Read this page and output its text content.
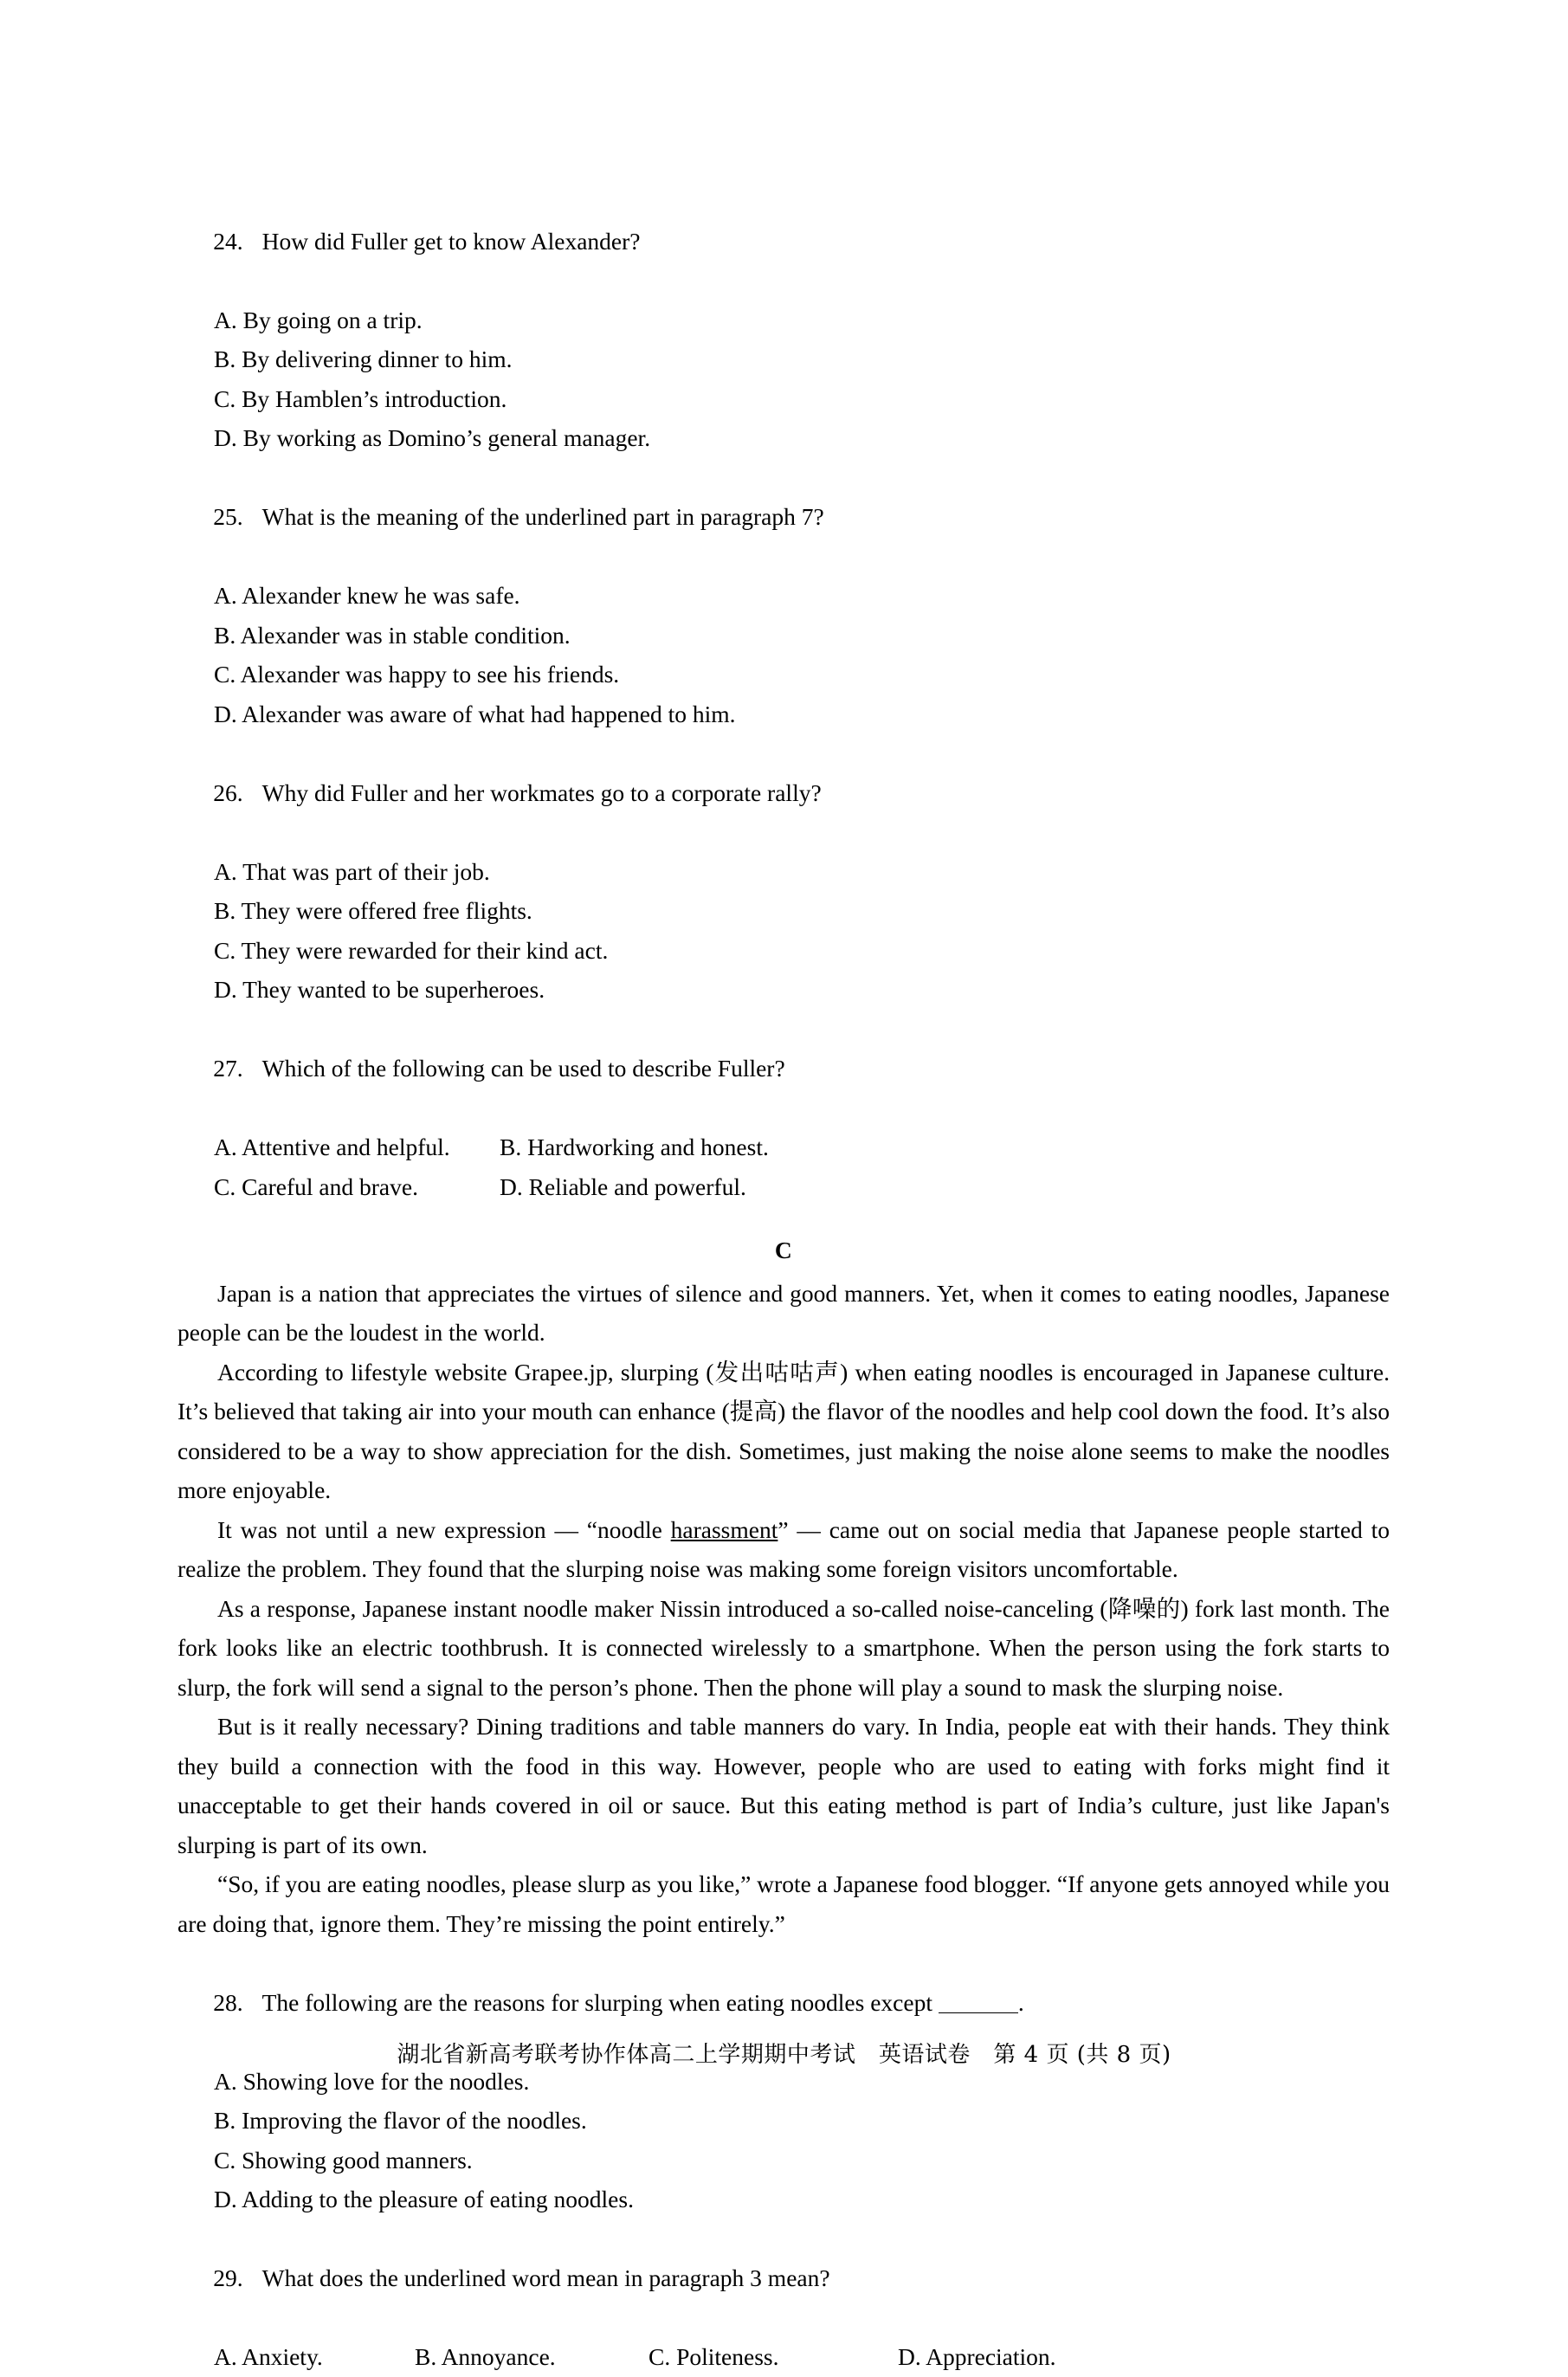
24. How did Fuller get to know Alexander?

A. By going on a trip.
B. By delivering dinner to him.
C. By Hamblen’s introduction.
D. By working as Domino’s general manager.

25. What is the meaning of the underlined part in paragraph 7?

A. Alexander knew he was safe.
B. Alexander was in stable condition.
C. Alexander was happy to see his friends.
D. Alexander was aware of what had happened to him.

26. Why did Fuller and her workmates go to a corporate rally?

A. That was part of their job.
B. They were offered free flights.
C. They were rewarded for their kind act.
D. They wanted to be superheroes.

27. Which of the following can be used to describe Fuller?

A. Attentive and helpful.	B. Hardworking and honest.
C. Careful and brave.	D. Reliable and powerful.
C

Japan is a nation that appreciates the virtues of silence and good manners. Yet, when it comes to eating noodles, Japanese people can be the loudest in the world.

According to lifestyle website Grapee.jp, slurping (发出咕咕声) when eating noodles is encouraged in Japanese culture. It’s believed that taking air into your mouth can enhance (提高) the flavor of the noodles and help cool down the food. It’s also considered to be a way to show appreciation for the dish. Sometimes, just making the noise alone seems to make the noodles more enjoyable.

It was not until a new expression — “noodle harassment” — came out on social media that Japanese people started to realize the problem. They found that the slurping noise was making some foreign visitors uncomfortable.

As a response, Japanese instant noodle maker Nissin introduced a so-called noise-canceling (降噪的) fork last month. The fork looks like an electric toothbrush. It is connected wirelessly to a smartphone. When the person using the fork starts to slurp, the fork will send a signal to the person’s phone. Then the phone will play a sound to mask the slurping noise.

But is it really necessary? Dining traditions and table manners do vary. In India, people eat with their hands. They think they build a connection with the food in this way. However, people who are used to eating with forks might find it unacceptable to get their hands covered in oil or sauce. But this eating method is part of India’s culture, just like Japan's slurping is part of its own.

“So, if you are eating noodles, please slurp as you like,” wrote a Japanese food blogger. “If anyone gets annoyed while you are doing that, ignore them. They’re missing the point entirely.”

28. The following are the reasons for slurping when eating noodles except	.

A. Showing love for the noodles.
B. Improving the flavor of the noodles.
C. Showing good manners.
D. Adding to the pleasure of eating noodles.

29. What does the underlined word mean in paragraph 3 mean?

A. Anxiety.	B. Annoyance.	C. Politeness.	D. Appreciation.
湖北省新高考联考协作体高二上学期期中考试　英语试卷　第 4 页 (共 8 页)
